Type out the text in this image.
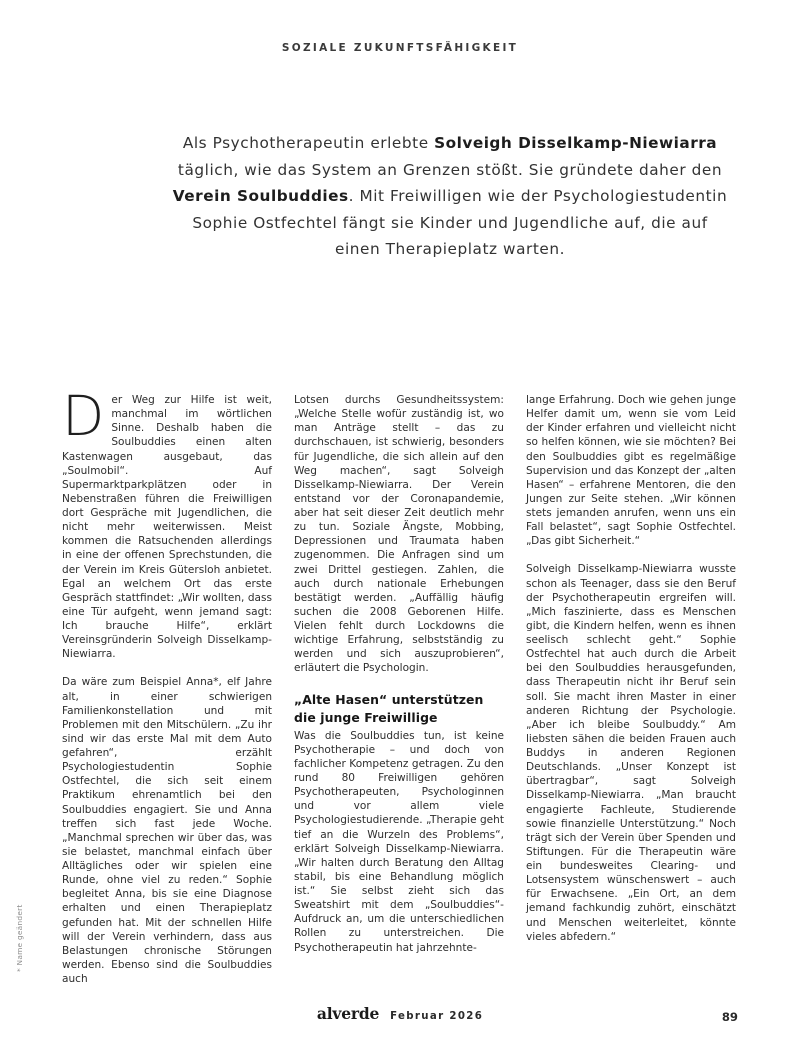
SOZIALE ZUKUNFTSFÄHIGKEIT
Als Psychotherapeutin erlebte Solveigh Disselkamp-Niewiarra täglich, wie das System an Grenzen stößt. Sie gründete daher den Verein Soulbuddies. Mit Freiwilligen wie der Psychologiestudentin Sophie Ostfechtel fängt sie Kinder und Jugendliche auf, die auf einen Therapieplatz warten.

Der Weg zur Hilfe ist weit, manchmal im wörtlichen Sinne. Deshalb haben die Soulbuddies einen alten Kastenwagen ausgebaut, das „Soulmobil“. Auf Supermarktparkplätzen oder in Nebenstraßen führen die Freiwilligen dort Gespräche mit Jugendlichen, die nicht mehr weiterwissen. Meist kommen die Ratsuchenden allerdings in eine der offenen Sprechstunden, die der Verein im Kreis Gütersloh anbietet. Egal an welchem Ort das erste Gespräch stattfindet: „Wir wollten, dass eine Tür aufgeht, wenn jemand sagt: Ich brauche Hilfe“, erklärt Vereinsgründerin Solveigh Disselkamp-Niewiarra.

Da wäre zum Beispiel Anna*, elf Jahre alt, in einer schwierigen Familienkonstellation und mit Problemen mit den Mitschülern. „Zu ihr sind wir das erste Mal mit dem Auto gefahren“, erzählt Psychologiestudentin Sophie Ostfechtel, die sich seit einem Praktikum ehrenamtlich bei den Soulbuddies engagiert. Sie und Anna treffen sich fast jede Woche. „Manchmal sprechen wir über das, was sie belastet, manchmal einfach über Alltägliches oder wir spielen eine Runde, ohne viel zu reden.“ Sophie begleitet Anna, bis sie eine Diagnose erhalten und einen Therapieplatz gefunden hat. Mit der schnellen Hilfe will der Verein verhindern, dass aus Belastungen chronische Störungen werden. Ebenso sind die Soulbuddies auch

Lotsen durchs Gesundheitssystem: „Welche Stelle wofür zuständig ist, wo man Anträge stellt – das zu durchschauen, ist schwierig, besonders für Jugendliche, die sich allein auf den Weg machen“, sagt Solveigh Disselkamp-Niewiarra. Der Verein entstand vor der Coronapandemie, aber hat seit dieser Zeit deutlich mehr zu tun. Soziale Ängste, Mobbing, Depressionen und Traumata haben zugenommen. Die Anfragen sind um zwei Drittel gestiegen. Zahlen, die auch durch nationale Erhebungen bestätigt werden. „Auffällig häufig suchen die 2008 Geborenen Hilfe. Vielen fehlt durch Lockdowns die wichtige Erfahrung, selbstständig zu werden und sich auszuprobieren“, erläutert die Psychologin.

„Alte Hasen“ unterstützen
die junge Freiwillige

Was die Soulbuddies tun, ist keine Psychotherapie – und doch von fachlicher Kompetenz getragen. Zu den rund 80 Freiwilligen gehören Psychotherapeuten, Psychologinnen und vor allem viele Psychologiestudierende. „Therapie geht tief an die Wurzeln des Problems“, erklärt Solveigh Disselkamp-Niewiarra. „Wir halten durch Beratung den Alltag stabil, bis eine Behandlung möglich ist.“ Sie selbst zieht sich das Sweatshirt mit dem „Soulbuddies“-Aufdruck an, um die unterschiedlichen Rollen zu unterstreichen. Die Psychotherapeutin hat jahrzehnte-

lange Erfahrung. Doch wie gehen junge Helfer damit um, wenn sie vom Leid der Kinder erfahren und vielleicht nicht so helfen können, wie sie möchten? Bei den Soulbuddies gibt es regelmäßige Supervision und das Konzept der „alten Hasen“ – erfahrene Mentoren, die den Jungen zur Seite stehen. „Wir können stets jemanden anrufen, wenn uns ein Fall belastet“, sagt Sophie Ostfechtel. „Das gibt Sicherheit.“

Solveigh Disselkamp-Niewiarra wusste schon als Teenager, dass sie den Beruf der Psychotherapeutin ergreifen will. „Mich faszinierte, dass es Menschen gibt, die Kindern helfen, wenn es ihnen seelisch schlecht geht.“ Sophie Ostfechtel hat auch durch die Arbeit bei den Soulbuddies herausgefunden, dass Therapeutin nicht ihr Beruf sein soll. Sie macht ihren Master in einer anderen Richtung der Psychologie. „Aber ich bleibe Soulbuddy.“ Am liebsten sähen die beiden Frauen auch Buddys in anderen Regionen Deutschlands. „Unser Konzept ist übertragbar“, sagt Solveigh Disselkamp-Niewiarra. „Man braucht engagierte Fachleute, Studierende sowie finanzielle Unterstützung.“ Noch trägt sich der Verein über Spenden und Stiftungen. Für die Therapeutin wäre ein bundesweites Clearing- und Lotsensystem wünschenswert – auch für Erwachsene. „Ein Ort, an dem jemand fachkundig zuhört, einschätzt und Menschen weiterleitet, könnte vieles abfedern.“

* Name geändert
alverde Februar 2026	89
